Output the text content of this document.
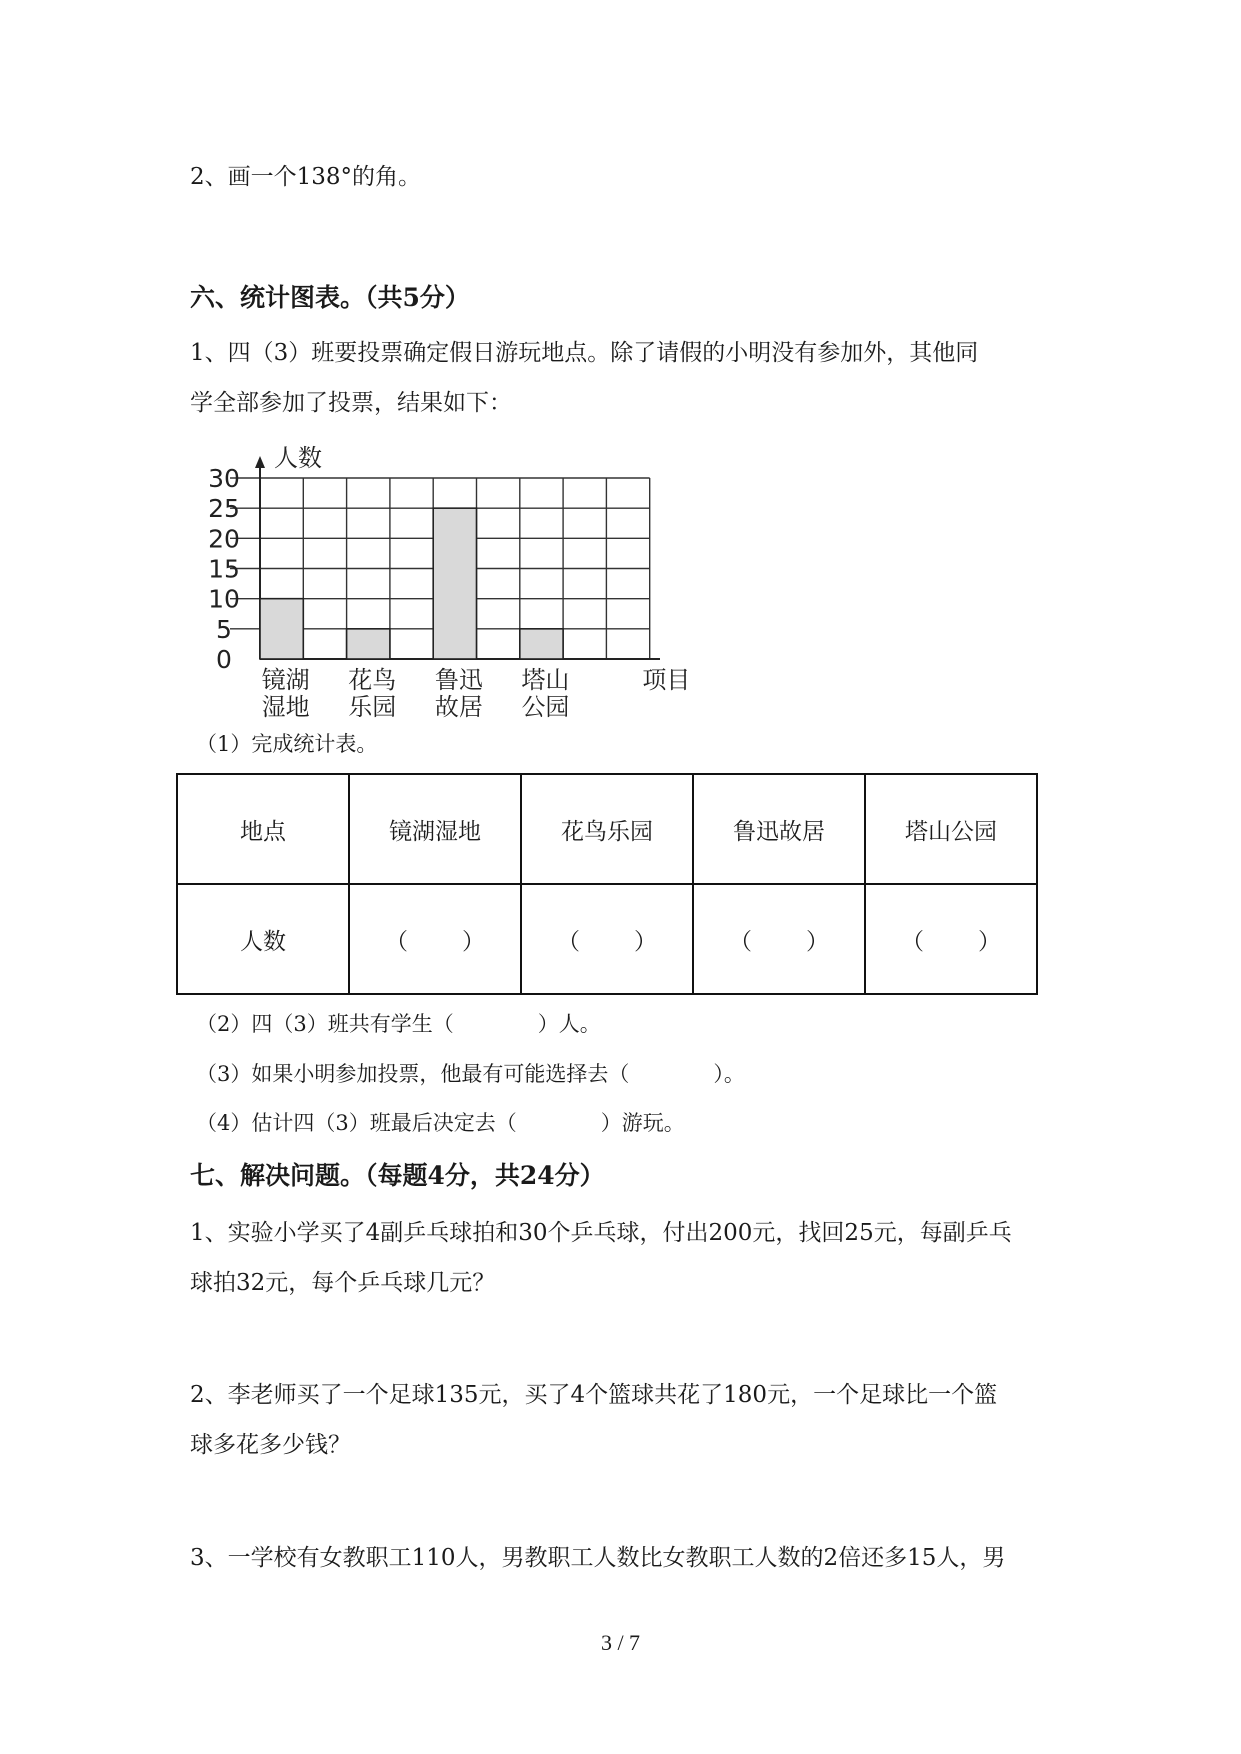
2、画一个138°的角。
六、统计图表。（共5分）
1、四（3）班要投票确定假日游玩地点。除了请假的小明没有参加外，其他同
学全部参加了投票，结果如下：
0
5
10
15
20
25
30
人数
镜湖
湿地
花鸟
乐园
鲁迅
故居
塔山
公园
项目
（1）完成统计表。
地点	镜湖湿地	花鸟乐园	鲁迅故居	塔山公园
人数	（ ）	（ ）	（ ）	（ ）
（2）四（3）班共有学生（　　　　）人。
（3）如果小明参加投票，他最有可能选择去（　　　　）。
（4）估计四（3）班最后决定去（　　　　）游玩。
七、解决问题。（每题4分，共24分）
1、实验小学买了4副乒乓球拍和30个乒乓球，付出200元，找回25元，每副乒乓
球拍32元，每个乒乓球几元？
2、李老师买了一个足球135元，买了4个篮球共花了180元，一个足球比一个篮
球多花多少钱？
3、一学校有女教职工110人，男教职工人数比女教职工人数的2倍还多15人，男
3 / 7
